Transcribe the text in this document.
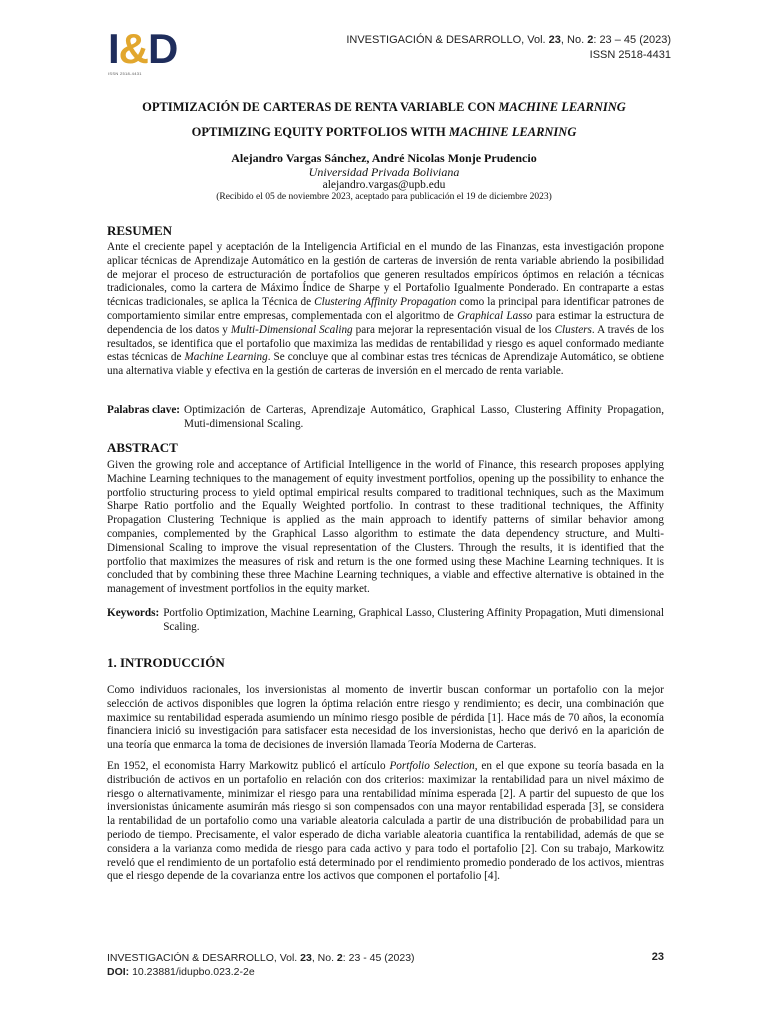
I&D
ISSN 2518-4431
INVESTIGACIÓN & DESARROLLO, Vol. 23, No. 2: 23 – 45 (2023)
ISSN 2518-4431
OPTIMIZACIÓN DE CARTERAS DE RENTA VARIABLE CON MACHINE LEARNING
OPTIMIZING EQUITY PORTFOLIOS WITH MACHINE LEARNING
Alejandro Vargas Sánchez, André Nicolas Monje Prudencio
Universidad Privada Boliviana
alejandro.vargas@upb.edu
(Recibido el 05 de noviembre 2023, aceptado para publicación el 19 de diciembre 2023)
RESUMEN
Ante el creciente papel y aceptación de la Inteligencia Artificial en el mundo de las Finanzas, esta investigación propone aplicar técnicas de Aprendizaje Automático en la gestión de carteras de inversión de renta variable abriendo la posibilidad de mejorar el proceso de estructuración de portafolios que generen resultados empíricos óptimos en relación a técnicas tradicionales, como la cartera de Máximo Índice de Sharpe y el Portafolio Igualmente Ponderado. En contraparte a estas técnicas tradicionales, se aplica la Técnica de Clustering Affinity Propagation como la principal para identificar patrones de comportamiento similar entre empresas, complementada con el algoritmo de Graphical Lasso para estimar la estructura de dependencia de los datos y Multi-Dimensional Scaling para mejorar la representación visual de los Clusters. A través de los resultados, se identifica que el portafolio que maximiza las medidas de rentabilidad y riesgo es aquel conformado mediante estas técnicas de Machine Learning. Se concluye que al combinar estas tres técnicas de Aprendizaje Automático, se obtiene una alternativa viable y efectiva en la gestión de carteras de inversión en el mercado de renta variable.
Palabras clave: Optimización de Carteras, Aprendizaje Automático, Graphical Lasso, Clustering Affinity Propagation, Muti-dimensional Scaling.
ABSTRACT
Given the growing role and acceptance of Artificial Intelligence in the world of Finance, this research proposes applying Machine Learning techniques to the management of equity investment portfolios, opening up the possibility to enhance the portfolio structuring process to yield optimal empirical results compared to traditional techniques, such as the Maximum Sharpe Ratio portfolio and the Equally Weighted portfolio. In contrast to these traditional techniques, the Affinity Propagation Clustering Technique is applied as the main approach to identify patterns of similar behavior among companies, complemented by the Graphical Lasso algorithm to estimate the data dependency structure, and Multi-Dimensional Scaling to improve the visual representation of the Clusters. Through the results, it is identified that the portfolio that maximizes the measures of risk and return is the one formed using these Machine Learning techniques. It is concluded that by combining these three Machine Learning techniques, a viable and effective alternative is obtained in the management of investment portfolios in the equity market.
Keywords: Portfolio Optimization, Machine Learning, Graphical Lasso, Clustering Affinity Propagation, Muti dimensional Scaling.
1. INTRODUCCIÓN
Como individuos racionales, los inversionistas al momento de invertir buscan conformar un portafolio con la mejor selección de activos disponibles que logren la óptima relación entre riesgo y rendimiento; es decir, una combinación que maximice su rentabilidad esperada asumiendo un mínimo riesgo posible de pérdida [1]. Hace más de 70 años, la economía financiera inició su investigación para satisfacer esta necesidad de los inversionistas, hecho que derivó en la aparición de una teoría que enmarca la toma de decisiones de inversión llamada Teoría Moderna de Carteras.
En 1952, el economista Harry Markowitz publicó el artículo Portfolio Selection, en el que expone su teoría basada en la distribución de activos en un portafolio en relación con dos criterios: maximizar la rentabilidad para un nivel máximo de riesgo o alternativamente, minimizar el riesgo para una rentabilidad mínima esperada [2]. A partir del supuesto de que los inversionistas únicamente asumirán más riesgo si son compensados con una mayor rentabilidad esperada [3], se considera la rentabilidad de un portafolio como una variable aleatoria calculada a partir de una distribución de probabilidad para un periodo de tiempo. Precisamente, el valor esperado de dicha variable aleatoria cuantifica la rentabilidad, además de que se considera a la varianza como medida de riesgo para cada activo y para todo el portafolio [2]. Con su trabajo, Markowitz reveló que el rendimiento de un portafolio está determinado por el rendimiento promedio ponderado de los activos, mientras que el riesgo depende de la covarianza entre los activos que componen el portafolio [4].
INVESTIGACIÓN & DESARROLLO, Vol. 23, No. 2: 23 - 45 (2023)
DOI: 10.23881/idupbo.023.2-2e
23
